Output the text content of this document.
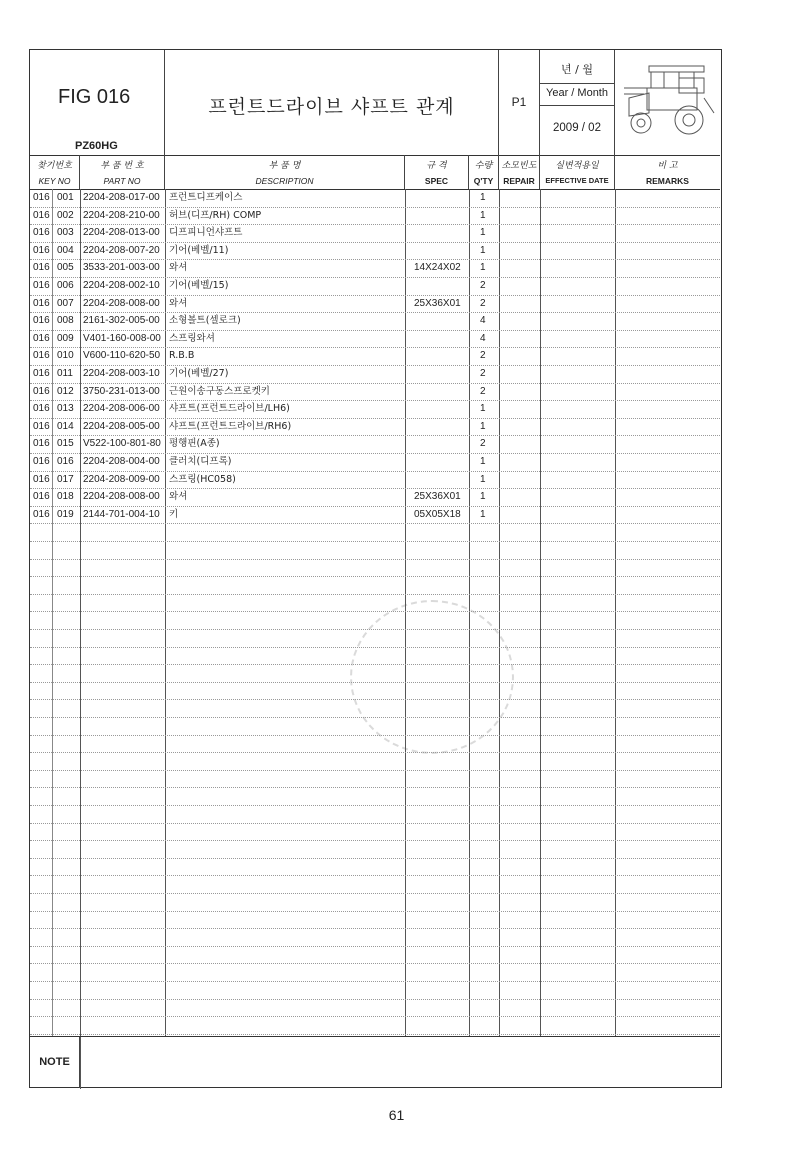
FIG 016
PZ60HG
프런트드라이브 샤프트 관계	P1
년 / 월
Year / Month
2009 / 02
찾기번호
KEY NO
부 품 번 호
PART NO
부 품 명
DESCRIPTION
규 격
SPEC
수량
Q'TY
소모빈도
REPAIR
실변적용일
EFFECTIVE DATE
비 고
REMARKS
016 001 2204-208-017-00 프런트디프케이스	1
016 002 2204-208-210-00 허브(디프/RH) COMP	1
016 003 2204-208-013-00 디프피니언샤프트	1
016 004 2204-208-007-20 기어(베벨/11)	1
016 005 3533-201-003-00 와셔	14X24X02 1
016 006 2204-208-002-10 기어(베벨/15)	2
016 007 2204-208-008-00 와셔	25X36X01 2
016 008 2161-302-005-00 소형볼트(셀로크)	4
016 009 V401-160-008-00 스프링와셔	4
016 010 V600-110-620-50 R.B.B	2
016 011 2204-208-003-10 기어(베벨/27)	2
016 012 3750-231-013-00 근원이송구동스프로켓키	2
016 013 2204-208-006-00 샤프트(프런트드라이브/LH6)	1
016 014 2204-208-005-00 샤프트(프런트드라이브/RH6)	1
016 015 V522-100-801-80 평행핀(A종)	2
016 016 2204-208-004-00 클러치(디프록)	1
016 017 2204-208-009-00 스프링(HC058)	1
016 018 2204-208-008-00 와셔	25X36X01 1
016 019 2144-701-004-10 키	05X05X18 1
NOTE
61
